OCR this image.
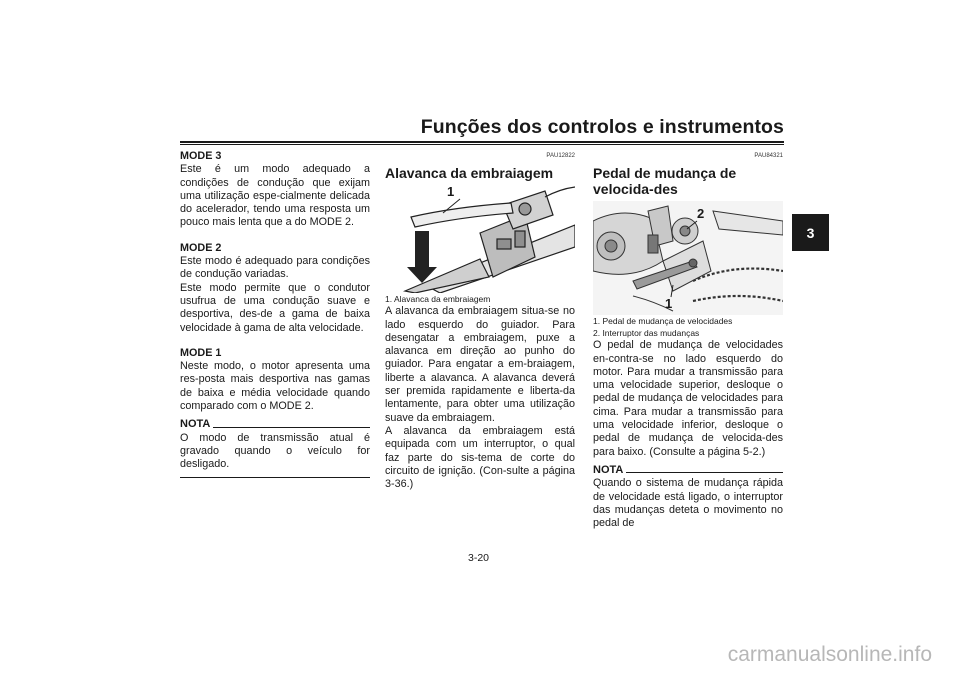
Funções dos controlos e instrumentos
3

MODE 3

Este é um modo adequado a condições de condução que exijam uma utilização espe-cialmente delicada do acelerador, tendo uma resposta um pouco mais lenta que a do MODE 2.

MODE 2

Este modo é adequado para condições de condução variadas.

Este modo permite que o condutor usufrua de uma condução suave e desportiva, des-de a gama de baixa velocidade à gama de alta velocidade.

MODE 1

Neste modo, o motor apresenta uma res-posta mais desportiva nas gamas de baixa e média velocidade quando comparado com o MODE 2.

NOTA

O modo de transmissão atual é gravado quando o veículo for desligado.

PAU12822
Alavanca da embraiagem
1

1. Alavanca da embraiagem

A alavanca da embraiagem situa-se no lado esquerdo do guiador. Para desengatar a embraiagem, puxe a alavanca em direção ao punho do guiador. Para engatar a em-braiagem, liberte a alavanca. A alavanca deverá ser premida rapidamente e liberta-da lentamente, para obter uma utilização suave da embraiagem.

A alavanca da embraiagem está equipada com um interruptor, o qual faz parte do sis-tema de corte do circuito de ignição. (Con-sulte a página 3-36.)

PAU84321
Pedal de mudança de velocida-des
2
1

1. Pedal de mudança de velocidades

2. Interruptor das mudanças

O pedal de mudança de velocidades en-contra-se no lado esquerdo do motor. Para mudar a transmissão para uma velocidade superior, desloque o pedal de mudança de velocidades para cima. Para mudar a transmissão para uma velocidade inferior, desloque o pedal de mudança de velocida-des para baixo. (Consulte a página 5-2.)

NOTA

Quando o sistema de mudança rápida de velocidade está ligado, o interruptor das mudanças deteta o movimento no pedal de

3-20
carmanualsonline.info
